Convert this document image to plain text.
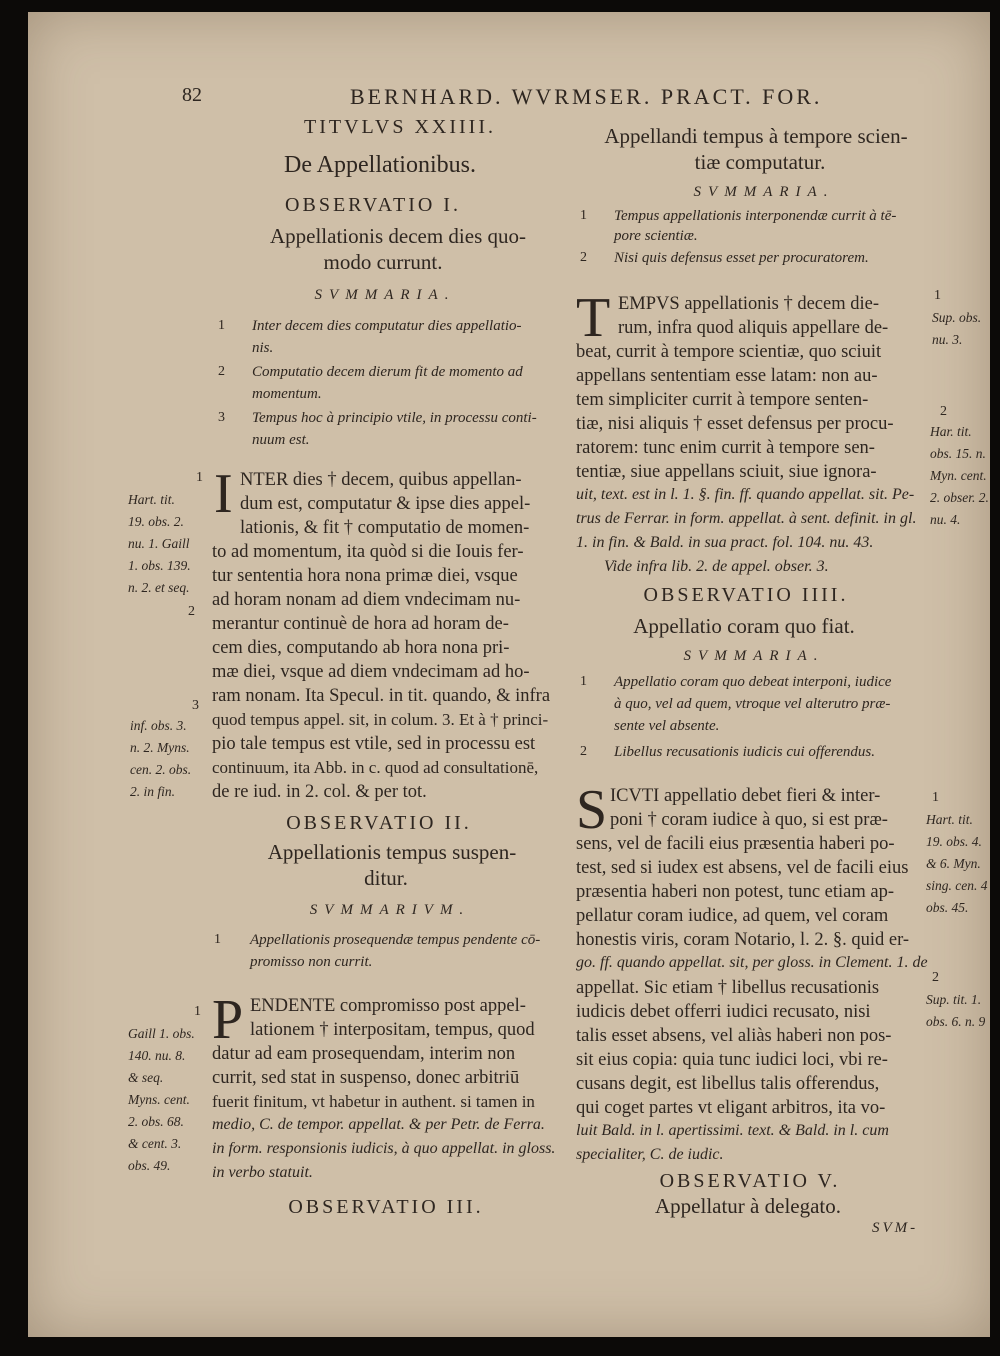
82	BERNHARD. WVRMSER. PRACT. FOR.
TITVLVS XXIIII.
De Appellationibus.
OBSERVATIO I.
Appellationis decem dies quo-
modo currunt.
SVMMARIA.
1 Inter decem dies computatur dies appellatio-
nis.
2 Computatio decem dierum fit de momento ad
momentum.
3 Tempus hoc à principio vtile, in processu conti-
nuum est.
I NTER dies † decem, quibus appellan-
dum est, computatur & ipse dies appel-
lationis, & fit † computatio de momen-
to ad momentum, ita quòd si die Iouis fer-
tur sententia hora nona primæ diei, vsque
ad horam nonam ad diem vndecimam nu-
merantur continuè de hora ad horam de-
cem dies, computando ab hora nona pri-
mæ diei, vsque ad diem vndecimam ad ho-
ram nonam. Ita Specul. in tit. quando, & infra
quod tempus appel. sit, in colum. 3. Et à † princi-
pio tale tempus est vtile, sed in processu est
continuum, ita Abb. in c. quod ad consultationē,
de re iud. in 2. col. & per tot.
1
Hart. tit.
19. obs. 2.
nu. 1. Gaill
1. obs. 139.
n. 2. et seq.
2
3
inf. obs. 3.
n. 2. Myns.
cen. 2. obs.
2. in fin.
OBSERVATIO II.
Appellationis tempus suspen-
ditur.
SVMMARIVM.
1 Appellationis prosequendæ tempus pendente cō-
promisso non currit.
P ENDENTE compromisso post appel-
lationem † interpositam, tempus, quod
datur ad eam prosequendam, interim non
currit, sed stat in suspenso, donec arbitriū
fuerit finitum, vt habetur in authent. si tamen in
medio, C. de tempor. appellat. & per Petr. de Ferra.
in form. responsionis iudicis, à quo appellat. in gloss.
in verbo statuit.
1
Gaill 1. obs.
140. nu. 8.
& seq.
Myns. cent.
2. obs. 68.
& cent. 3.
obs. 49.
OBSERVATIO III.
Appellandi tempus à tempore scien-
tiæ computatur.
SVMMARIA.
1 Tempus appellationis interponendæ currit à tē-
pore scientiæ.
2 Nisi quis defensus esset per procuratorem.
T EMPVS appellationis † decem die-
rum, infra quod aliquis appellare de-
beat, currit à tempore scientiæ, quo sciuit
appellans sententiam esse latam: non au-
tem simpliciter currit à tempore senten-
tiæ, nisi aliquis † esset defensus per procu-
ratorem: tunc enim currit à tempore sen-
tentiæ, siue appellans sciuit, siue ignora-
uit, text. est in l. 1. §. fin. ff. quando appellat. sit. Pe-
trus de Ferrar. in form. appellat. à sent. definit. in gl.
1. in fin. & Bald. in sua pract. fol. 104. nu. 43.
Vide infra lib. 2. de appel. obser. 3.
1
Sup. obs.
nu. 3.
2
Har. tit.
obs. 15. n.
Myn. cent.
2. obser. 2.
nu. 4.
OBSERVATIO IIII.
Appellatio coram quo fiat.
SVMMARIA.
1 Appellatio coram quo debeat interponi, iudice
à quo, vel ad quem, vtroque vel alterutro præ-
sente vel absente.
2 Libellus recusationis iudicis cui offerendus.
S ICVTI appellatio debet fieri & inter-
poni † coram iudice à quo, si est præ-
sens, vel de facili eius præsentia haberi po-
test, sed si iudex est absens, vel de facili eius
præsentia haberi non potest, tunc etiam ap-
pellatur coram iudice, ad quem, vel coram
honestis viris, coram Notario, l. 2. §. quid er-
go. ff. quando appellat. sit, per gloss. in Clement. 1. de
appellat. Sic etiam † libellus recusationis
iudicis debet offerri iudici recusato, nisi
talis esset absens, vel aliàs haberi non pos-
sit eius copia: quia tunc iudici loci, vbi re-
cusans degit, est libellus talis offerendus,
qui coget partes vt eligant arbitros, ita vo-
luit Bald. in l. apertissimi. text. & Bald. in l. cum
specialiter, C. de iudic.
1
Hart. tit.
19. obs. 4.
& 6. Myn.
sing. cen. 4
obs. 45.
2
Sup. tit. 1.
obs. 6. n. 9
OBSERVATIO V.
Appellatur à delegato.
SVM-
